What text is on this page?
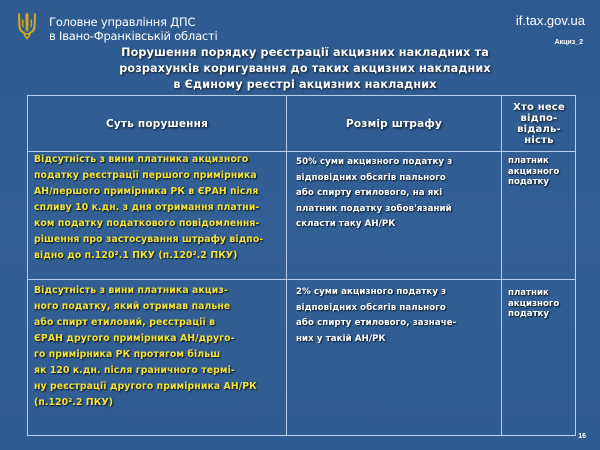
Головне управління ДПС
в Івано-Франківській області
if.tax.gov.ua
Акциз_2
Порушення порядку реєстрації акцизних накладних та
розрахунків коригування до таких акцизних накладних
в Єдиному реєстрі акцизних накладних
Суть порушення	Розмір штрафу
Хто несе
відпо-
відаль-
ність
Відсутність з вини платника акцизного
податку реєстрації першого примірника
АН/першого примірника РК в ЄРАН після
спливу 10 к.дн. з дня отримання платни-
ком податку податкового повідомлення-
рішення про застосування штрафу відпо-
відно до п.120².1 ПКУ (п.120².2 ПКУ)
50% суми акцизного податку з
відповідних обсягів пального
або спирту етилового, на які
платник податку зобов'язаний
скласти таку АН/РК
платник
акцизного
податку
Відсутність з вини платника акциз-
ного податку, який отримав пальне
або спирт етиловий, реєстрації в
ЄРАН другого примірника АН/друго-
го примірника РК протягом більш
як 120 к.дн. після граничного термі-
ну реєстрації другого примірника АН/РК
(п.120².2 ПКУ)
2% суми акцизного податку з
відповідних обсягів пального
або спирту етилового, зазначе-
них у такій АН/РК
платник
акцизного
податку
16
